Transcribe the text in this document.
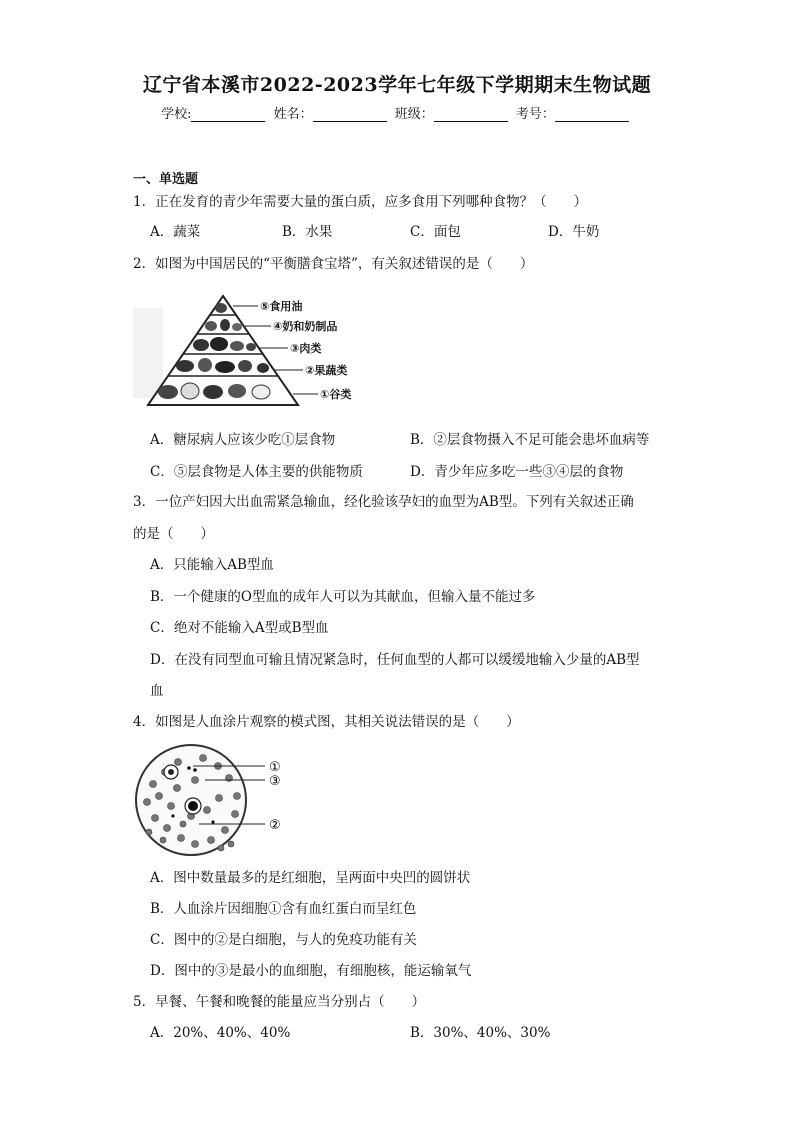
辽宁省本溪市2022-2023学年七年级下学期期末生物试题
学校:	姓名：	班级：	考号：
一、单选题
1．正在发育的青少年需要大量的蛋白质，应多食用下列哪种食物？（　　）
A．蔬菜	B．水果	C．面包	D．牛奶
2．如图为中国居民的“平衡膳食宝塔”，有关叙述错误的是（　　）
⑤食用油
④奶和奶制品
③肉类
②果蔬类
①谷类
A．糖尿病人应该少吃①层食物	B．②层食物摄入不足可能会患坏血病等
C．⑤层食物是人体主要的供能物质	D．青少年应多吃一些③④层的食物
3．一位产妇因大出血需紧急输血，经化验该孕妇的血型为AB型。下列有关叙述正确
的是（　　）
A．只能输入AB型血
B．一个健康的O型血的成年人可以为其献血，但输入量不能过多
C．绝对不能输入A型或B型血
D．在没有同型血可输且情况紧急时，任何血型的人都可以缓缓地输入少量的AB型
血
4．如图是人血涂片观察的模式图，其相关说法错误的是（　　）
①
③
②
A．图中数量最多的是红细胞，呈两面中央凹的圆饼状
B．人血涂片因细胞①含有血红蛋白而呈红色
C．图中的②是白细胞，与人的免疫功能有关
D．图中的③是最小的血细胞，有细胞核，能运输氧气
5．早餐、午餐和晚餐的能量应当分别占（　　）
A．20%、40%、40%	B．30%、40%、30%
